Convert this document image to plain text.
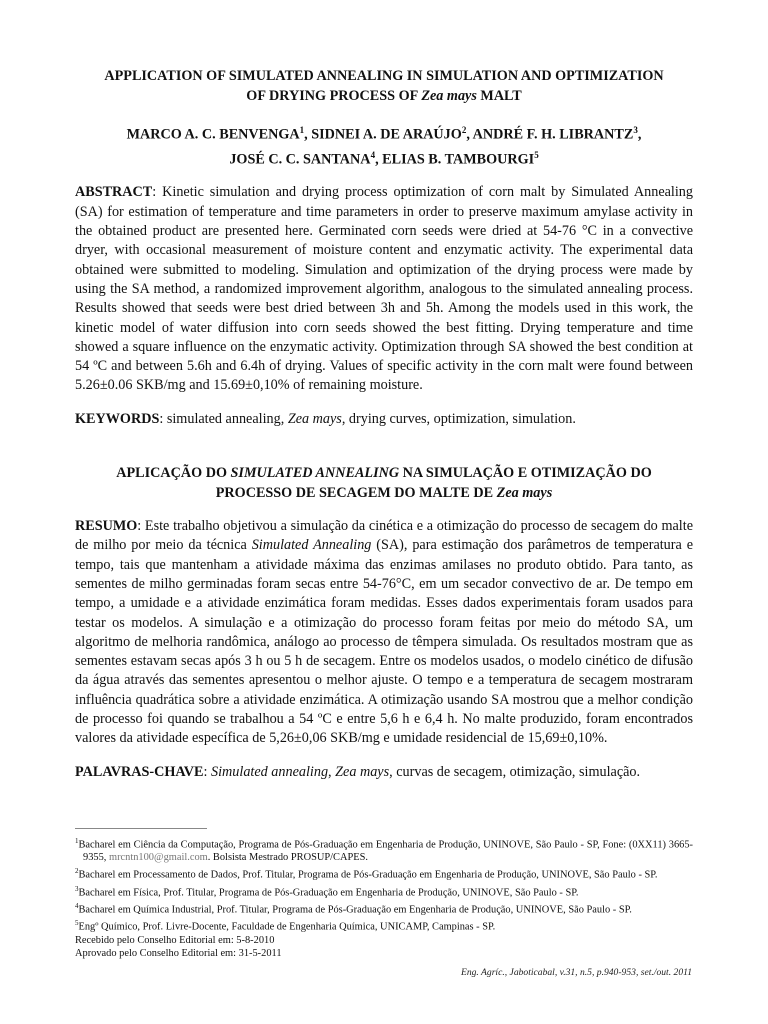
APPLICATION OF SIMULATED ANNEALING IN SIMULATION AND OPTIMIZATION
OF DRYING PROCESS OF Zea mays MALT

MARCO A. C. BENVENGA$^1$, SIDNEI A. DE ARAÚJO$^2$, ANDRÉ F. H. LIBRANTZ$^3$,
JOSÉ C. C. SANTANA$^4$, ELIAS B. TAMBOURGI$^5$

ABSTRACT: Kinetic simulation and drying process optimization of corn malt by Simulated Annealing (SA) for estimation of temperature and time parameters in order to preserve maximum amylase activity in the obtained product are presented here. Germinated corn seeds were dried at 54-76 °C in a convective dryer, with occasional measurement of moisture content and enzymatic activity. The experimental data obtained were submitted to modeling. Simulation and optimization of the drying process were made by using the SA method, a randomized improvement algorithm, analogous to the simulated annealing process. Results showed that seeds were best dried between 3h and 5h. Among the models used in this work, the kinetic model of water diffusion into corn seeds showed the best fitting. Drying temperature and time showed a square influence on the enzymatic activity. Optimization through SA showed the best condition at 54 ºC and between 5.6h and 6.4h of drying. Values of specific activity in the corn malt were found between 5.26±0.06 SKB/mg and 15.69±0,10% of remaining moisture.

KEYWORDS: simulated annealing, Zea mays, drying curves, optimization, simulation.

APLICAÇÃO DO SIMULATED ANNEALING NA SIMULAÇÃO E OTIMIZAÇÃO DO
PROCESSO DE SECAGEM DO MALTE DE Zea mays

RESUMO: Este trabalho objetivou a simulação da cinética e a otimização do processo de secagem do malte de milho por meio da técnica Simulated Annealing (SA), para estimação dos parâmetros de temperatura e tempo, tais que mantenham a atividade máxima das enzimas amilases no produto obtido. Para tanto, as sementes de milho germinadas foram secas entre 54-76°C, em um secador convectivo de ar. De tempo em tempo, a umidade e a atividade enzimática foram medidas. Esses dados experimentais foram usados para testar os modelos. A simulação e a otimização do processo foram feitas por meio do método SA, um algoritmo de melhoria randômica, análogo ao processo de têmpera simulada. Os resultados mostram que as sementes estavam secas após 3 h ou 5 h de secagem. Entre os modelos usados, o modelo cinético de difusão da água através das sementes apresentou o melhor ajuste. O tempo e a temperatura de secagem mostraram influência quadrática sobre a atividade enzimática. A otimização usando SA mostrou que a melhor condição de processo foi quando se trabalhou a 54 ºC e entre 5,6 h e 6,4 h. No malte produzido, foram encontrados valores da atividade específica de 5,26±0,06 SKB/mg e umidade residencial de 15,69±0,10%.

PALAVRAS-CHAVE: Simulated annealing, Zea mays, curvas de secagem, otimização, simulação.

$^1$Bacharel em Ciência da Computação, Programa de Pós-Graduação em Engenharia de Produção, UNINOVE, São Paulo - SP, Fone: (0XX11) 3665-9355, mrcntn100@gmail.com. Bolsista Mestrado PROSUP/CAPES.

$^2$Bacharel em Processamento de Dados, Prof. Titular, Programa de Pós-Graduação em Engenharia de Produção, UNINOVE, São Paulo - SP.

$^3$Bacharel em Física, Prof. Titular, Programa de Pós-Graduação em Engenharia de Produção, UNINOVE, São Paulo - SP.

$^4$Bacharel em Química Industrial, Prof. Titular, Programa de Pós-Graduação em Engenharia de Produção, UNINOVE, São Paulo - SP.

$^5$Engº Químico, Prof. Livre-Docente, Faculdade de Engenharia Química, UNICAMP, Campinas - SP.

Recebido pelo Conselho Editorial em: 5-8-2010

Aprovado pelo Conselho Editorial em: 31-5-2011

Eng. Agríc., Jaboticabal, v.31, n.5, p.940-953, set./out. 2011
